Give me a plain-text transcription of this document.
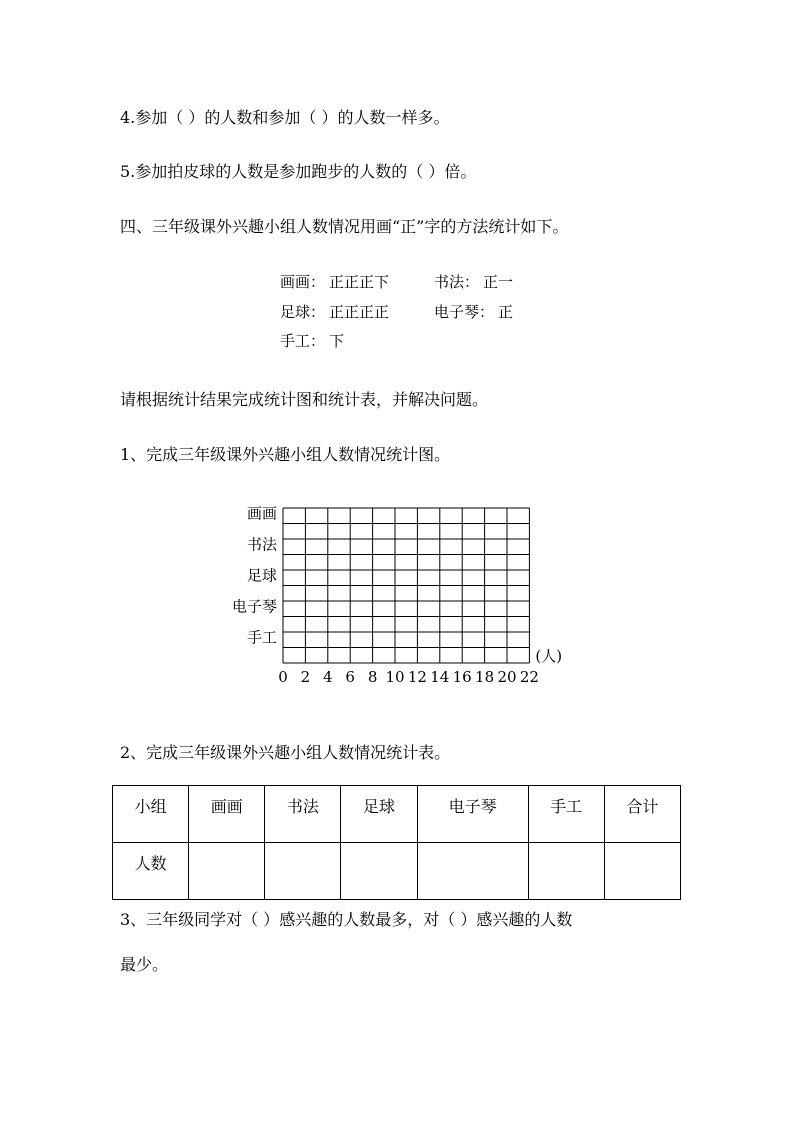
4.参加（ ）的人数和参加（ ）的人数一样多。
5.参加拍皮球的人数是参加跑步的人数的（ ）倍。
四、三年级课外兴趣小组人数情况用画“正”字的方法统计如下。
画画： 正正正下	书法： 正一
足球： 正正正正	电子琴： 正
手工： 下
请根据统计结果完成统计图和统计表，并解决问题。
1、完成三年级课外兴趣小组人数情况统计图。
画画
书法
足球
电子琴
手工
0 2 4 6 8 10 12 14 16 18 20 22
(人)
2、完成三年级课外兴趣小组人数情况统计表。
小组	画画	书法	足球	电子琴	手工	合计
人数						
3、三年级同学对（ ）感兴趣的人数最多，对（ ）感兴趣的人数
最少。
